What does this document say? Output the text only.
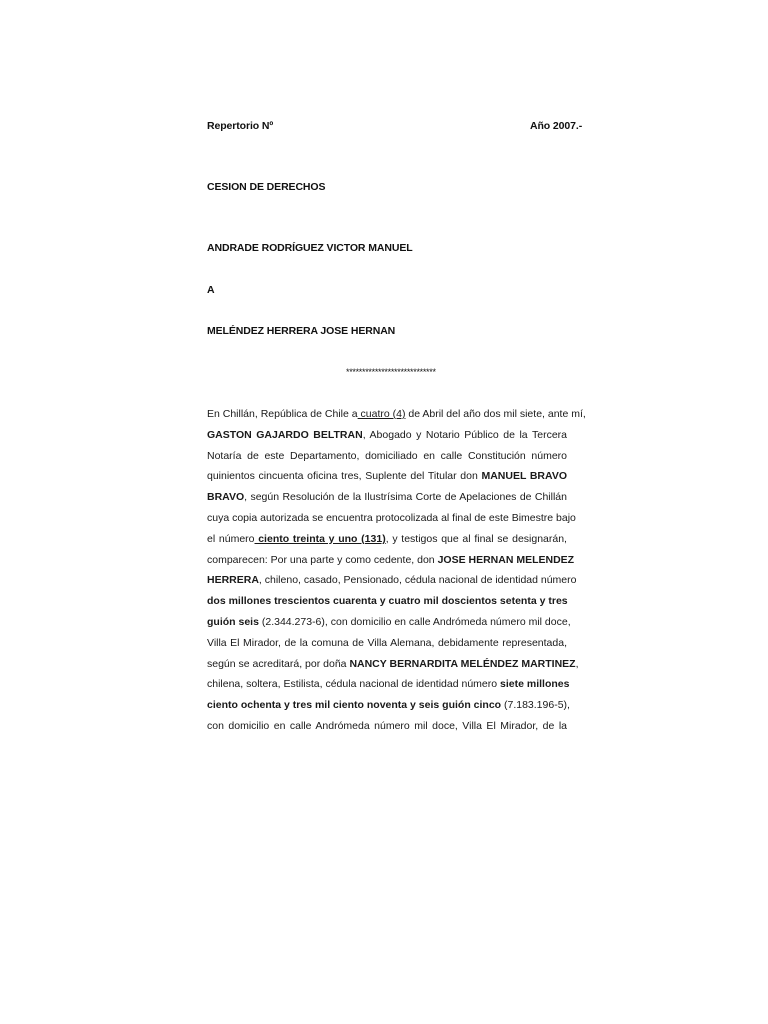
Repertorio Nº	Año 2007.-
CESION DE DERECHOS
ANDRADE RODRÍGUEZ VICTOR MANUEL
A
MELÉNDEZ HERRERA JOSE HERNAN
****************************
En Chillán, República de Chile a cuatro (4) de Abril del año dos mil siete, ante mí,
GASTON GAJARDO BELTRAN, Abogado y Notario Público de la Tercera
Notaría de este Departamento, domiciliado en calle Constitución número
quinientos cincuenta oficina tres, Suplente del Titular don MANUEL BRAVO
BRAVO, según Resolución de la Ilustrísima Corte de Apelaciones de Chillán
cuya copia autorizada se encuentra protocolizada al final de este Bimestre bajo
el número ciento treinta y uno (131), y testigos que al final se designarán,
comparecen: Por una parte y como cedente, don JOSE HERNAN MELENDEZ
HERRERA, chileno, casado, Pensionado, cédula nacional de identidad número
dos millones trescientos cuarenta y cuatro mil doscientos setenta y tres
guión seis (2.344.273-6), con domicilio en calle Andrómeda número mil doce,
Villa El Mirador, de la comuna de Villa Alemana, debidamente representada,
según se acreditará, por doña NANCY BERNARDITA MELÉNDEZ MARTINEZ,
chilena, soltera, Estilista, cédula nacional de identidad número siete millones
ciento ochenta y tres mil ciento noventa y seis guión cinco (7.183.196-5),
con domicilio en calle Andrómeda número mil doce, Villa El Mirador, de la
